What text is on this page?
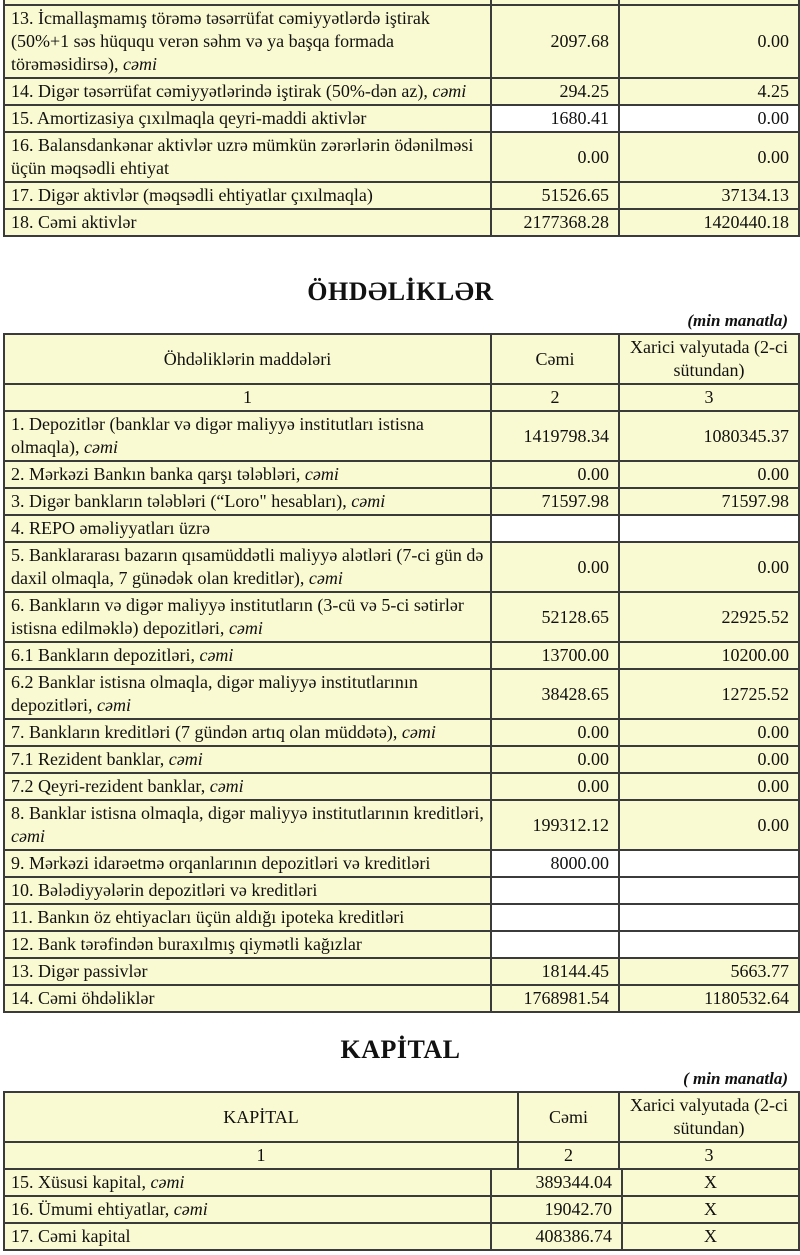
13. İcmallaşmamış törəmə təsərrüfat cəmiyyətlərdə iştirak (50%+1 səs hüququ verən səhm və ya başqa formada törəməsidirsə), cəmi	2097.68	0.00
14. Digər təsərrüfat cəmiyyətlərində iştirak (50%-dən az), cəmi	294.25	4.25
15. Amortizasiya çıxılmaqla qeyri-maddi aktivlər	1680.41	0.00
16. Balansdankənar aktivlər uzrə mümkün zərərlərin ödənilməsi üçün məqsədli ehtiyat	0.00	0.00
17. Digər aktivlər (məqsədli ehtiyatlar çıxılmaqla)	51526.65	37134.13
18. Cəmi aktivlər	2177368.28	1420440.18
ÖHDƏLİKLƏR
(min manatla)
Öhdəliklərin maddələri	Cəmi	Xarici valyutada (2-ci sütundan)
1	2	3
1. Depozitlər (banklar və digər maliyyə institutları istisna olmaqla), cəmi	1419798.34	1080345.37
2. Mərkəzi Bankın banka qarşı tələbləri, cəmi	0.00	0.00
3. Digər bankların tələbləri (“Loro" hesabları), cəmi	71597.98	71597.98
4. REPO əməliyyatları üzrə		
5. Banklararası bazarın qısamüddətli maliyyə alətləri (7-ci gün də daxil olmaqla, 7 günədək olan kreditlər), cəmi	0.00	0.00
6. Bankların və digər maliyyə institutların (3-cü və 5-ci sətirlər istisna edilməklə) depozitləri, cəmi	52128.65	22925.52
6.1 Bankların depozitləri, cəmi	13700.00	10200.00
6.2 Banklar istisna olmaqla, digər maliyyə institutlarının depozitləri, cəmi	38428.65	12725.52
7. Bankların kreditləri (7 gündən artıq olan müddətə), cəmi	0.00	0.00
7.1 Rezident banklar, cəmi	0.00	0.00
7.2 Qeyri-rezident banklar, cəmi	0.00	0.00
8. Banklar istisna olmaqla, digər maliyyə institutlarının kreditləri, cəmi	199312.12	0.00
9. Mərkəzi idarəetmə orqanlarının depozitləri və kreditləri	8000.00	
10. Bələdiyyələrin depozitləri və kreditləri		
11. Bankın öz ehtiyacları üçün aldığı ipoteka kreditləri		
12. Bank tərəfindən buraxılmış qiymətli kağızlar		
13. Digər passivlər	18144.45	5663.77
14. Cəmi öhdəliklər	1768981.54	1180532.64
KAPİTAL
( min manatla)
KAPİTAL	Cəmi	Xarici valyutada (2-ci sütundan)
1	2	3
15. Xüsusi kapital, cəmi	389344.04	X
16. Ümumi ehtiyatlar, cəmi	19042.70	X
17. Cəmi kapital	408386.74	X
